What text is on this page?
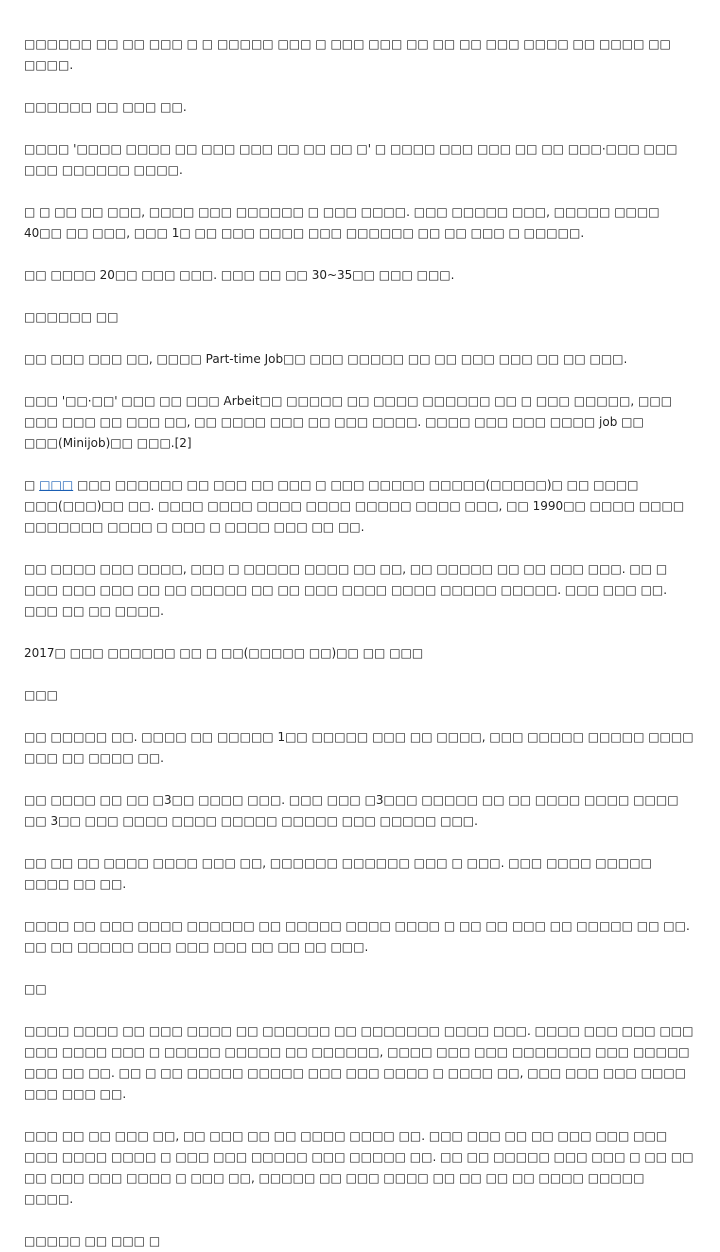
□□□□□□ □□ □□ □□□ □ □ □□□□□ □□□ □ □□□ □□□ □□ □□ □□ □□□ □□□□ □□ □□□□ □□ □□□□.

□□□□□□ □□ □□□ □□.

□□□□ '□□□□ □□□□ □□ □□□ □□□ □□ □□ □□ □' □ □□□□ □□□ □□□ □□ □□ □□□·□□□ □□□ □□□ □□□□□□ □□□□.

□ □ □□ □□ □□□, □□□□ □□□ □□□□□□ □ □□□ □□□□. □□□ □□□□□ □□□, □□□□□ □□□□ 40□□ □□ □□□, □□□ 1□ □□ □□□ □□□□ □□□ □□□□□□ □□ □□ □□□ □ □□□□□.

□□ □□□□ 20□□ □□□ □□□. □□□ □□ □□ 30~35□□ □□□ □□□.

□□□□□□ □□

□□ □□□ □□□ □□, □□□□ Part-time Job□□ □□□ □□□□□ □□ □□ □□□ □□□ □□ □□ □□□.

□□□ '□□·□□' □□□ □□ □□□ Arbeit□□ □□□□□ □□ □□□□ □□□□□□ □□ □ □□□ □□□□□, □□□ □□□ □□□ □□ □□□ □□, □□ □□□□ □□□ □□ □□□ □□□□. □□□□ □□□ □□□ □□□□ job □□ □□□(Minijob)□□ □□□.[2]

□ □□□ □□□ □□□□□□ □□ □□□ □□ □□□ □ □□□ □□□□□ □□□□□(□□□□□)□ □□ □□□□ □□□(□□□)□□ □□. □□□□ □□□□ □□□□ □□□□ □□□□□ □□□□ □□□, □□ 1990□□ □□□□ □□□□ □□□□□□□ □□□□ □ □□□ □ □□□□ □□□ □□ □□.

□□ □□□□ □□□ □□□□, □□□ □ □□□□□ □□□□ □□ □□, □□ □□□□□ □□ □□ □□□ □□□. □□ □ □□□ □□□ □□□ □□ □□ □□□□□ □□ □□ □□□ □□□□ □□□□ □□□□□ □□□□□. □□□ □□□ □□. □□□ □□ □□ □□□□.

2017□ □□□ □□□□□□ □□ □ □□(□□□□□ □□)□□ □□ □□□

□□□

□□ □□□□□ □□. □□□□ □□ □□□□□ 1□□ □□□□□ □□□ □□ □□□□, □□□ □□□□□ □□□□□ □□□□ □□□ □□ □□□□ □□.

□□ □□□□ □□ □□ □3□□ □□□□ □□□. □□□ □□□ □3□□□ □□□□□ □□ □□ □□□□ □□□□ □□□□ □□ 3□□ □□□ □□□□ □□□□ □□□□□ □□□□□ □□□ □□□□□ □□□.

□□ □□ □□ □□□□ □□□□ □□□ □□, □□□□□□ □□□□□□ □□□ □ □□□. □□□ □□□□ □□□□□ □□□□ □□ □□.

□□□□ □□ □□□ □□□□ □□□□□□ □□ □□□□□ □□□□ □□□□ □ □□ □□ □□□ □□ □□□□□ □□ □□. □□ □□ □□□□□ □□□ □□□ □□□ □□ □□ □□ □□□.

□□

□□□□ □□□□ □□ □□□ □□□□ □□ □□□□□□ □□ □□□□□□□ □□□□ □□□. □□□□ □□□ □□□ □□□ □□□ □□□□ □□□ □ □□□□□ □□□□□ □□ □□□□□□, □□□□ □□□ □□□ □□□□□□□ □□□ □□□□□ □□□ □□ □□. □□ □ □□ □□□□□ □□□□□ □□□ □□□ □□□□ □ □□□□ □□, □□□ □□□ □□□ □□□□ □□□ □□□ □□.

□□□ □□ □□ □□□ □□, □□ □□□ □□ □□ □□□□ □□□□ □□. □□□ □□□ □□ □□ □□□ □□□ □□□ □□□ □□□□ □□□□ □ □□□ □□□ □□□□□ □□□ □□□□□ □□. □□ □□ □□□□□ □□□ □□□ □ □□ □□ □□ □□□ □□□ □□□□ □ □□□ □□, □□□□□ □□ □□□ □□□□ □□ □□ □□ □□ □□□□ □□□□□ □□□□.

□□□□□ □□ □□□ □
